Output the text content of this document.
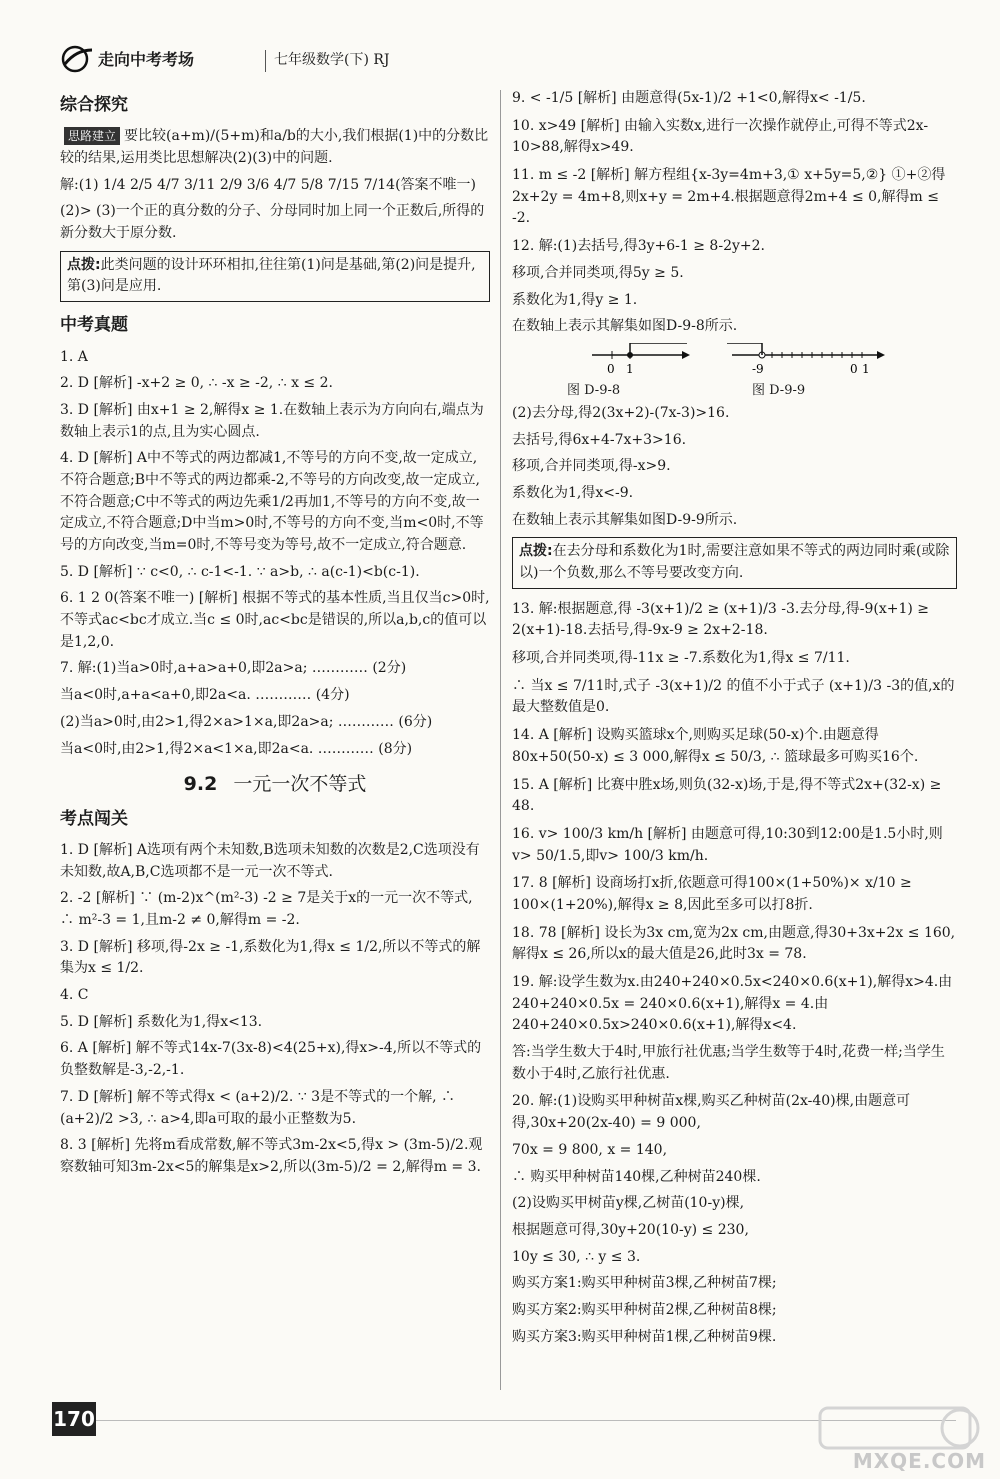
走向中考考场	七年级数学(下) RJ
综合探究

思路建立 要比较(a+m)/(5+m)和a/b的大小,我们根据(1)中的分数比较的结果,运用类比思想解决(2)(3)中的问题.

解:(1) 1/4 2/5 4/7 3/11 2/9 3/6 4/7 5/8 7/15 7/14(答案不唯一)

(2)> (3)一个正的真分数的分子、分母同时加上同一个正数后,所得的新分数大于原分数.

点拨:此类问题的设计环环相扣,往往第(1)问是基础,第(2)问是提升,第(3)问是应用.
中考真题

1. A

2. D [解析] -x+2 ≥ 0, ∴ -x ≥ -2, ∴ x ≤ 2.

3. D [解析] 由x+1 ≥ 2,解得x ≥ 1.在数轴上表示为方向向右,端点为数轴上表示1的点,且为实心圆点.

4. D [解析] A中不等式的两边都减1,不等号的方向不变,故一定成立,不符合题意;B中不等式的两边都乘-2,不等号的方向改变,故一定成立,不符合题意;C中不等式的两边先乘1/2再加1,不等号的方向不变,故一定成立,不符合题意;D中当m>0时,不等号的方向不变,当m<0时,不等号的方向改变,当m=0时,不等号变为等号,故不一定成立,符合题意.

5. D [解析] ∵ c<0, ∴ c-1<-1. ∵ a>b, ∴ a(c-1)<b(c-1).

6. 1 2 0(答案不唯一) [解析] 根据不等式的基本性质,当且仅当c>0时,不等式ac<bc才成立.当c ≤ 0时,ac<bc是错误的,所以a,b,c的值可以是1,2,0.

7. 解:(1)当a>0时,a+a>a+0,即2a>a; ………… (2分)

当a<0时,a+a<a+0,即2a<a. ………… (4分)

(2)当a>0时,由2>1,得2×a>1×a,即2a>a; ………… (6分)

当a<0时,由2>1,得2×a<1×a,即2a<a. ………… (8分)

9.2 一元一次不等式
考点闯关

1. D [解析] A选项有两个未知数,B选项未知数的次数是2,C选项没有未知数,故A,B,C选项都不是一元一次不等式.

2. -2 [解析] ∵ (m-2)x^(m²-3) -2 ≥ 7是关于x的一元一次不等式, ∴ m²-3 = 1,且m-2 ≠ 0,解得m = -2.

3. D [解析] 移项,得-2x ≥ -1,系数化为1,得x ≤ 1/2,所以不等式的解集为x ≤ 1/2.

4. C

5. D [解析] 系数化为1,得x<13.

6. A [解析] 解不等式14x-7(3x-8)<4(25+x),得x>-4,所以不等式的负整数解是-3,-2,-1.

7. D [解析] 解不等式得x < (a+2)/2. ∵ 3是不等式的一个解, ∴ (a+2)/2 >3, ∴ a>4,即a可取的最小正整数为5.

8. 3 [解析] 先将m看成常数,解不等式3m-2x<5,得x > (3m-5)/2.观察数轴可知3m-2x<5的解集是x>2,所以(3m-5)/2 = 2,解得m = 3.

9. < -1/5 [解析] 由题意得(5x-1)/2 +1<0,解得x< -1/5.

10. x>49 [解析] 由输入实数x,进行一次操作就停止,可得不等式2x-10>88,解得x>49.

11. m ≤ -2 [解析] 解方程组{x-3y=4m+3,① x+5y=5,②} ①+②得2x+2y = 4m+8,则x+y = 2m+4.根据题意得2m+4 ≤ 0,解得m ≤ -2.

12. 解:(1)去括号,得3y+6-1 ≥ 8-2y+2.

移项,合并同类项,得5y ≥ 5.

系数化为1,得y ≥ 1.

在数轴上表示其解集如图D-9-8所示.

0 1	-9	0 1
图 D-9-8	图 D-9-9

(2)去分母,得2(3x+2)-(7x-3)>16.

去括号,得6x+4-7x+3>16.

移项,合并同类项,得-x>9.

系数化为1,得x<-9.

在数轴上表示其解集如图D-9-9所示.

点拨:在去分母和系数化为1时,需要注意如果不等式的两边同时乘(或除以)一个负数,那么不等号要改变方向.

13. 解:根据题意,得 -3(x+1)/2 ≥ (x+1)/3 -3.去分母,得-9(x+1) ≥ 2(x+1)-18.去括号,得-9x-9 ≥ 2x+2-18.

移项,合并同类项,得-11x ≥ -7.系数化为1,得x ≤ 7/11.

∴ 当x ≤ 7/11时,式子 -3(x+1)/2 的值不小于式子 (x+1)/3 -3的值,x的最大整数值是0.

14. A [解析] 设购买篮球x个,则购买足球(50-x)个.由题意得80x+50(50-x) ≤ 3 000,解得x ≤ 50/3, ∴ 篮球最多可购买16个.

15. A [解析] 比赛中胜x场,则负(32-x)场,于是,得不等式2x+(32-x) ≥ 48.

16. v> 100/3 km/h [解析] 由题意可得,10:30到12:00是1.5小时,则v> 50/1.5,即v> 100/3 km/h.

17. 8 [解析] 设商场打x折,依题意可得100×(1+50%)× x/10 ≥ 100×(1+20%),解得x ≥ 8,因此至多可以打8折.

18. 78 [解析] 设长为3x cm,宽为2x cm,由题意,得30+3x+2x ≤ 160,解得x ≤ 26,所以x的最大值是26,此时3x = 78.

19. 解:设学生数为x.由240+240×0.5x<240×0.6(x+1),解得x>4.由240+240×0.5x = 240×0.6(x+1),解得x = 4.由240+240×0.5x>240×0.6(x+1),解得x<4.

答:当学生数大于4时,甲旅行社优惠;当学生数等于4时,花费一样;当学生数小于4时,乙旅行社优惠.

20. 解:(1)设购买甲种树苗x棵,购买乙种树苗(2x-40)棵,由题意可得,30x+20(2x-40) = 9 000,

70x = 9 800, x = 140,

∴ 购买甲种树苗140棵,乙种树苗240棵.

(2)设购买甲树苗y棵,乙树苗(10-y)棵,

根据题意可得,30y+20(10-y) ≤ 230,

10y ≤ 30, ∴ y ≤ 3.

购买方案1:购买甲种树苗3棵,乙种树苗7棵;

购买方案2:购买甲种树苗2棵,乙种树苗8棵;

购买方案3:购买甲种树苗1棵,乙种树苗9棵.

170
MXQE.COM
